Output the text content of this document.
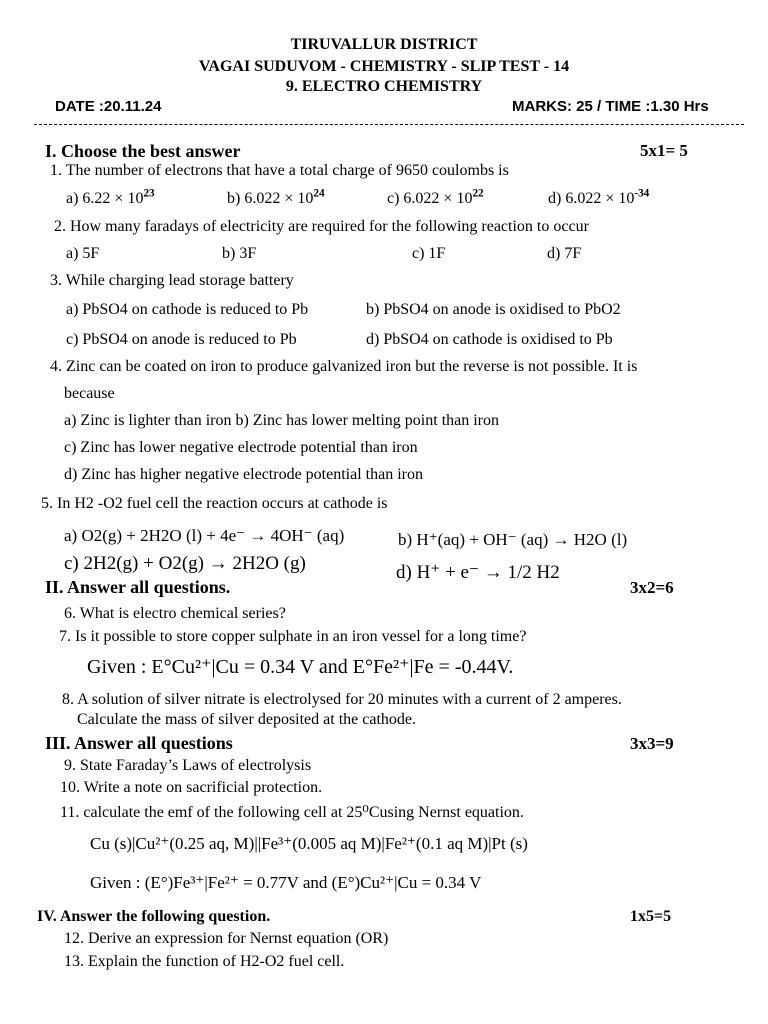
TIRUVALLUR DISTRICT
VAGAI SUDUVOM - CHEMISTRY - SLIP TEST - 14
9. ELECTRO CHEMISTRY
DATE :20.11.24	MARKS: 25 / TIME :1.30 Hrs
I. Choose the best answer	5x1= 5
1. The number of electrons that have a total charge of 9650 coulombs is
a) $6.22 \times 10^{23}$	b) $6.022 \times 10^{24}$	c) $6.022 \times 10^{22}$	d) $6.022 \times 10^{-34}$
2. How many faradays of electricity are required for the following reaction to occur
a) 5F	b) 3F	c) 1F	d) 7F
3. While charging lead storage battery
a) PbSO4 on cathode is reduced to Pb	b) PbSO4 on anode is oxidised to PbO2
c) PbSO4 on anode is reduced to Pb	d) PbSO4 on cathode is oxidised to Pb
4. Zinc can be coated on iron to produce galvanized iron but the reverse is not possible. It is
because
a) Zinc is lighter than iron b) Zinc has lower melting point than iron
c) Zinc has lower negative electrode potential than iron
d) Zinc has higher negative electrode potential than iron
5. In H2 -O2 fuel cell the reaction occurs at cathode is
a) O2(g) + 2H2O (l) + 4e⁻ → 4OH⁻ (aq)	b) H⁺(aq) + OH⁻ (aq) → H2O (l)
c) 2H2(g) + O2(g) → 2H2O (g)	d) H⁺ + e⁻ → 1/2 H2
II. Answer all questions.	3x2=6
6. What is electro chemical series?
7. Is it possible to store copper sulphate in an iron vessel for a long time?
Given : E°Cu²⁺|Cu = 0.34 V and E°Fe²⁺|Fe = -0.44V.
8. A solution of silver nitrate is electrolysed for 20 minutes with a current of 2 amperes.
Calculate the mass of silver deposited at the cathode.
III. Answer all questions	3x3=9
9. State Faraday’s Laws of electrolysis
10. Write a note on sacrificial protection.
11. calculate the emf of the following cell at 25⁰Cusing Nernst equation.
Cu (s)|Cu²⁺(0.25 aq, M)||Fe³⁺(0.005 aq M)|Fe²⁺(0.1 aq M)|Pt (s)
Given : (E°)Fe³⁺|Fe²⁺ = 0.77V and (E°)Cu²⁺|Cu = 0.34 V
IV. Answer the following question.	1x5=5
12. Derive an expression for Nernst equation (OR)
13. Explain the function of H2-O2 fuel cell.
